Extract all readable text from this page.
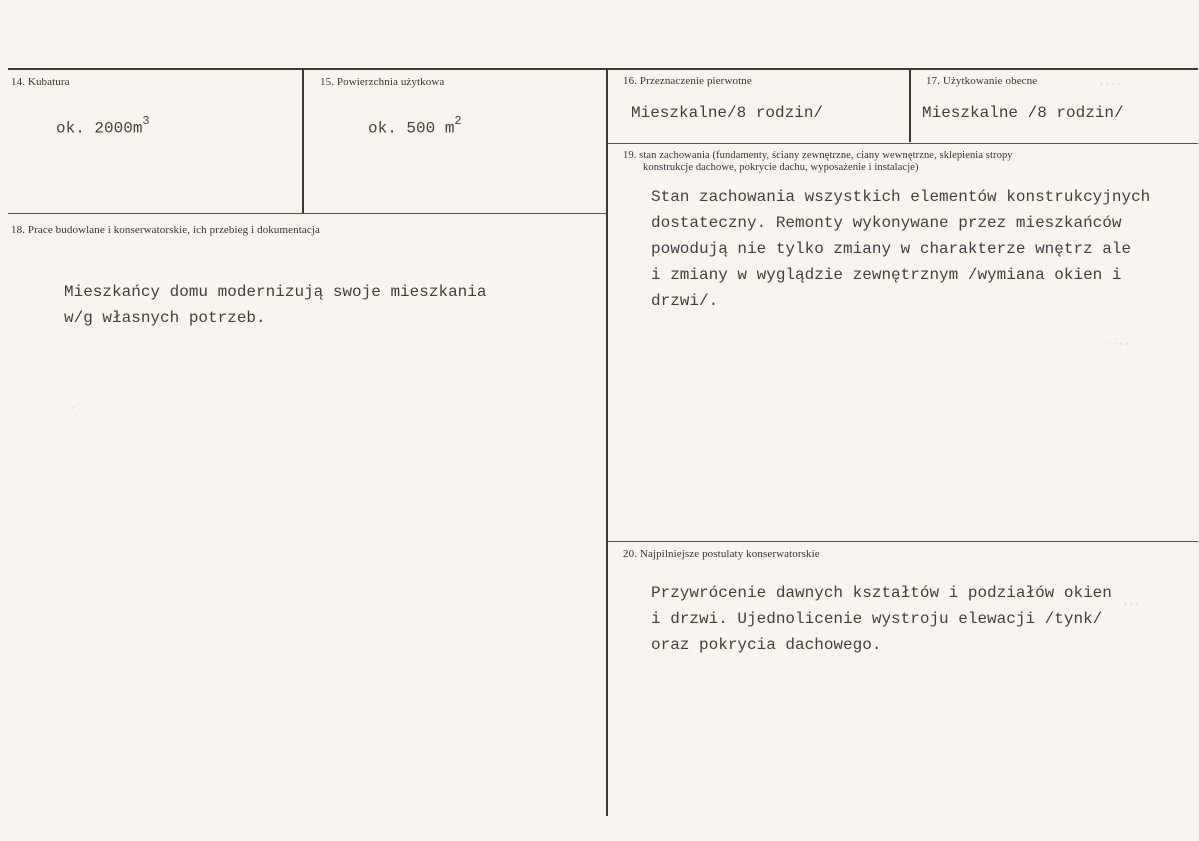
14. Kubatura
ok. $2000m^3$
15. Powierzchnia użytkowa
ok. 500 $m^2$
16. Przeznaczenie pierwotne
Mieszkalne/8 rodzin/
17. Użytkowanie obecne
Mieszkalne /8 rodzin/
18. Prace budowlane i konserwatorskie, ich przebieg i dokumentacja
Mieszkańcy domu modernizują swoje mieszkania
w/g własnych potrzeb.
19. stan zachowania (fundamenty, ściany zewnętrzne, ciany wewnętrzne, sklepienia stropy
konstrukcje dachowe, pokrycie dachu, wyposażenie i instalacje)
Stan zachowania wszystkich elementów konstrukcyjnych
dostateczny. Remonty wykonywane przez mieszkańców
powodują nie tylko zmiany w charakterze wnętrz ale
i zmiany w wyglądzie zewnętrznym /wymiana okien i
drzwi/.
20. Najpilniejsze postulaty konserwatorskie
Przywrócenie dawnych kształtów i podziałów okien
i drzwi. Ujednolicenie wystroju elewacji /tynk/
oraz pokrycia dachowego.
· · · ·
· · · ·
· · ·
·
